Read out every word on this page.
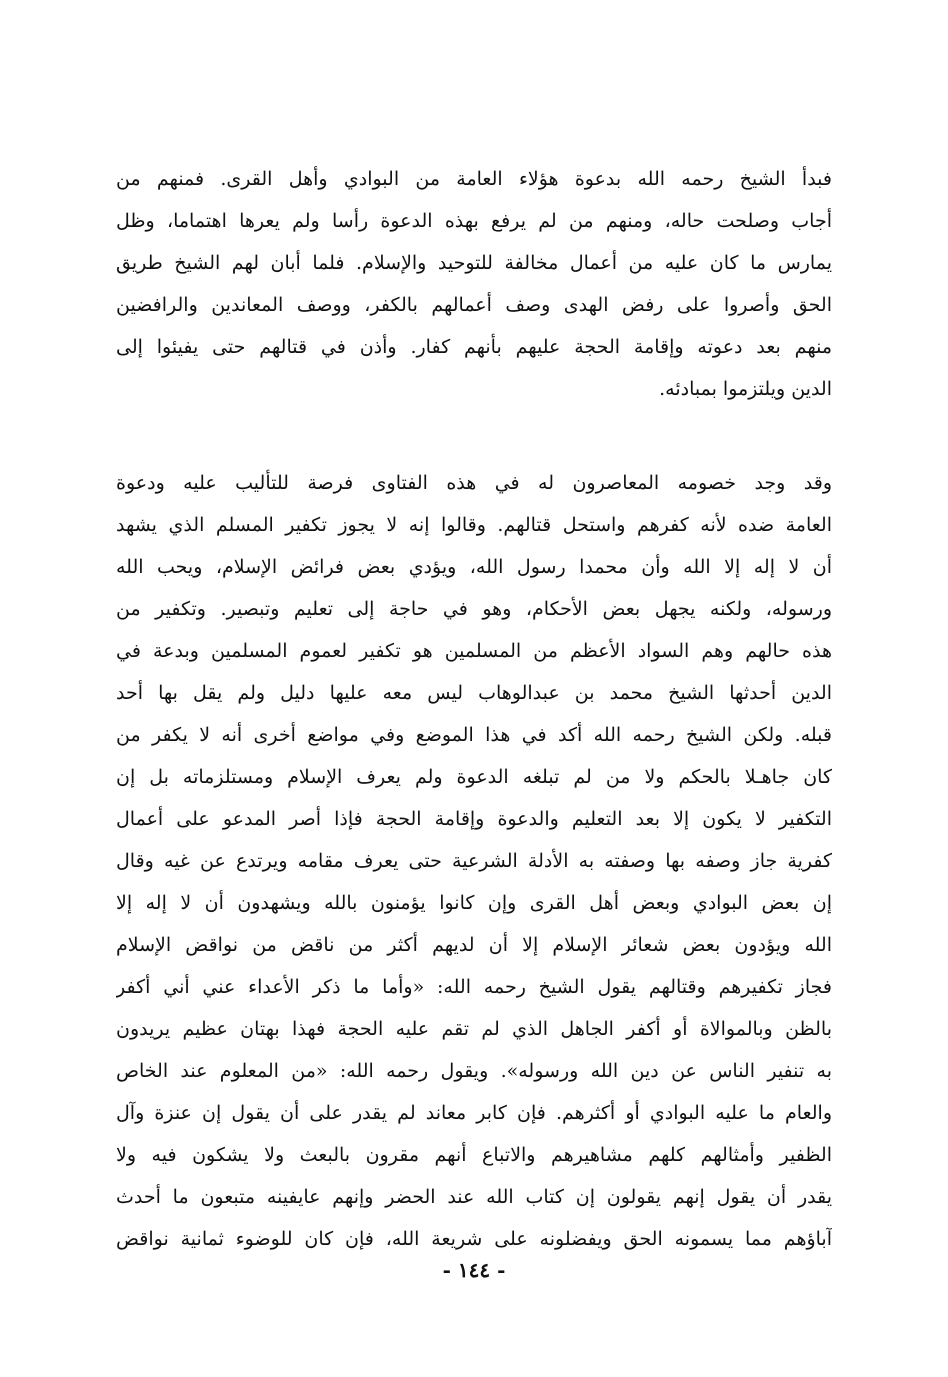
فبدأ الشيخ رحمه الله بدعوة هؤلاء العامة من البوادي وأهل القرى. فمنهم من
أجاب وصلحت حاله، ومنهم من لم يرفع بهذه الدعوة رأسا ولم يعرها اهتماما، وظل
يمارس ما كان عليه من أعمال مخالفة للتوحيد والإسلام. فلما أبان لهم الشيخ طريق
الحق وأصروا على رفض الهدى وصف أعمالهم بالكفر، ووصف المعاندين والرافضين
منهم بعد دعوته وإقامة الحجة عليهم بأنهم كفار. وأذن في قتالهم حتى يفيئوا إلى
الدين ويلتزموا بمبادئه.
وقد وجد خصومه المعاصرون له في هذه الفتاوى فرصة للتأليب عليه ودعوة
العامة ضده لأنه كفرهم واستحل قتالهم. وقالوا إنه لا يجوز تكفير المسلم الذي يشهد
أن لا إله إلا الله وأن محمدا رسول الله، ويؤدي بعض فرائض الإسلام، ويحب الله
ورسوله، ولكنه يجهل بعض الأحكام، وهو في حاجة إلى تعليم وتبصير. وتكفير من
هذه حالهم وهم السواد الأعظم من المسلمين هو تكفير لعموم المسلمين وبدعة في
الدين أحدثها الشيخ محمد بن عبدالوهاب ليس معه عليها دليل ولم يقل بها أحد
قبله. ولكن الشيخ رحمه الله أكد في هذا الموضع وفي مواضع أخرى أنه لا يكفر من
كان جاهـلا بالحكم ولا من لم تبلغه الدعوة ولم يعرف الإسلام ومستلزماته بل إن
التكفير لا يكون إلا بعد التعليم والدعوة وإقامة الحجة فإذا أصر المدعو على أعمال
كفرية جاز وصفه بها وصفته به الأدلة الشرعية حتى يعرف مقامه ويرتدع عن غيه وقال
إن بعض البوادي وبعض أهل القرى وإن كانوا يؤمنون بالله ويشهدون أن لا إله إلا
الله ويؤدون بعض شعائر الإسلام إلا أن لديهم أكثر من ناقض من نواقض الإسلام
فجاز تكفيرهم وقتالهم يقول الشيخ رحمه الله: «وأما ما ذكر الأعداء عني أني أكفر
بالظن وبالموالاة أو أكفر الجاهل الذي لم تقم عليه الحجة فهذا بهتان عظيم يريدون
به تنفير الناس عن دين الله ورسوله». ويقول رحمه الله: «من المعلوم عند الخاص
والعام ما عليه البوادي أو أكثرهم. فإن كابر معاند لم يقدر على أن يقول إن عنزة وآل
الظفير وأمثالهم كلهم مشاهيرهم والاتباع أنهم مقرون بالبعث ولا يشكون فيه ولا
يقدر أن يقول إنهم يقولون إن كتاب الله عند الحضر وإنهم عايفينه متبعون ما أحدث
آباؤهم مما يسمونه الحق ويفضلونه على شريعة الله، فإن كان للوضوء ثمانية نواقض
- ١٤٤ -
